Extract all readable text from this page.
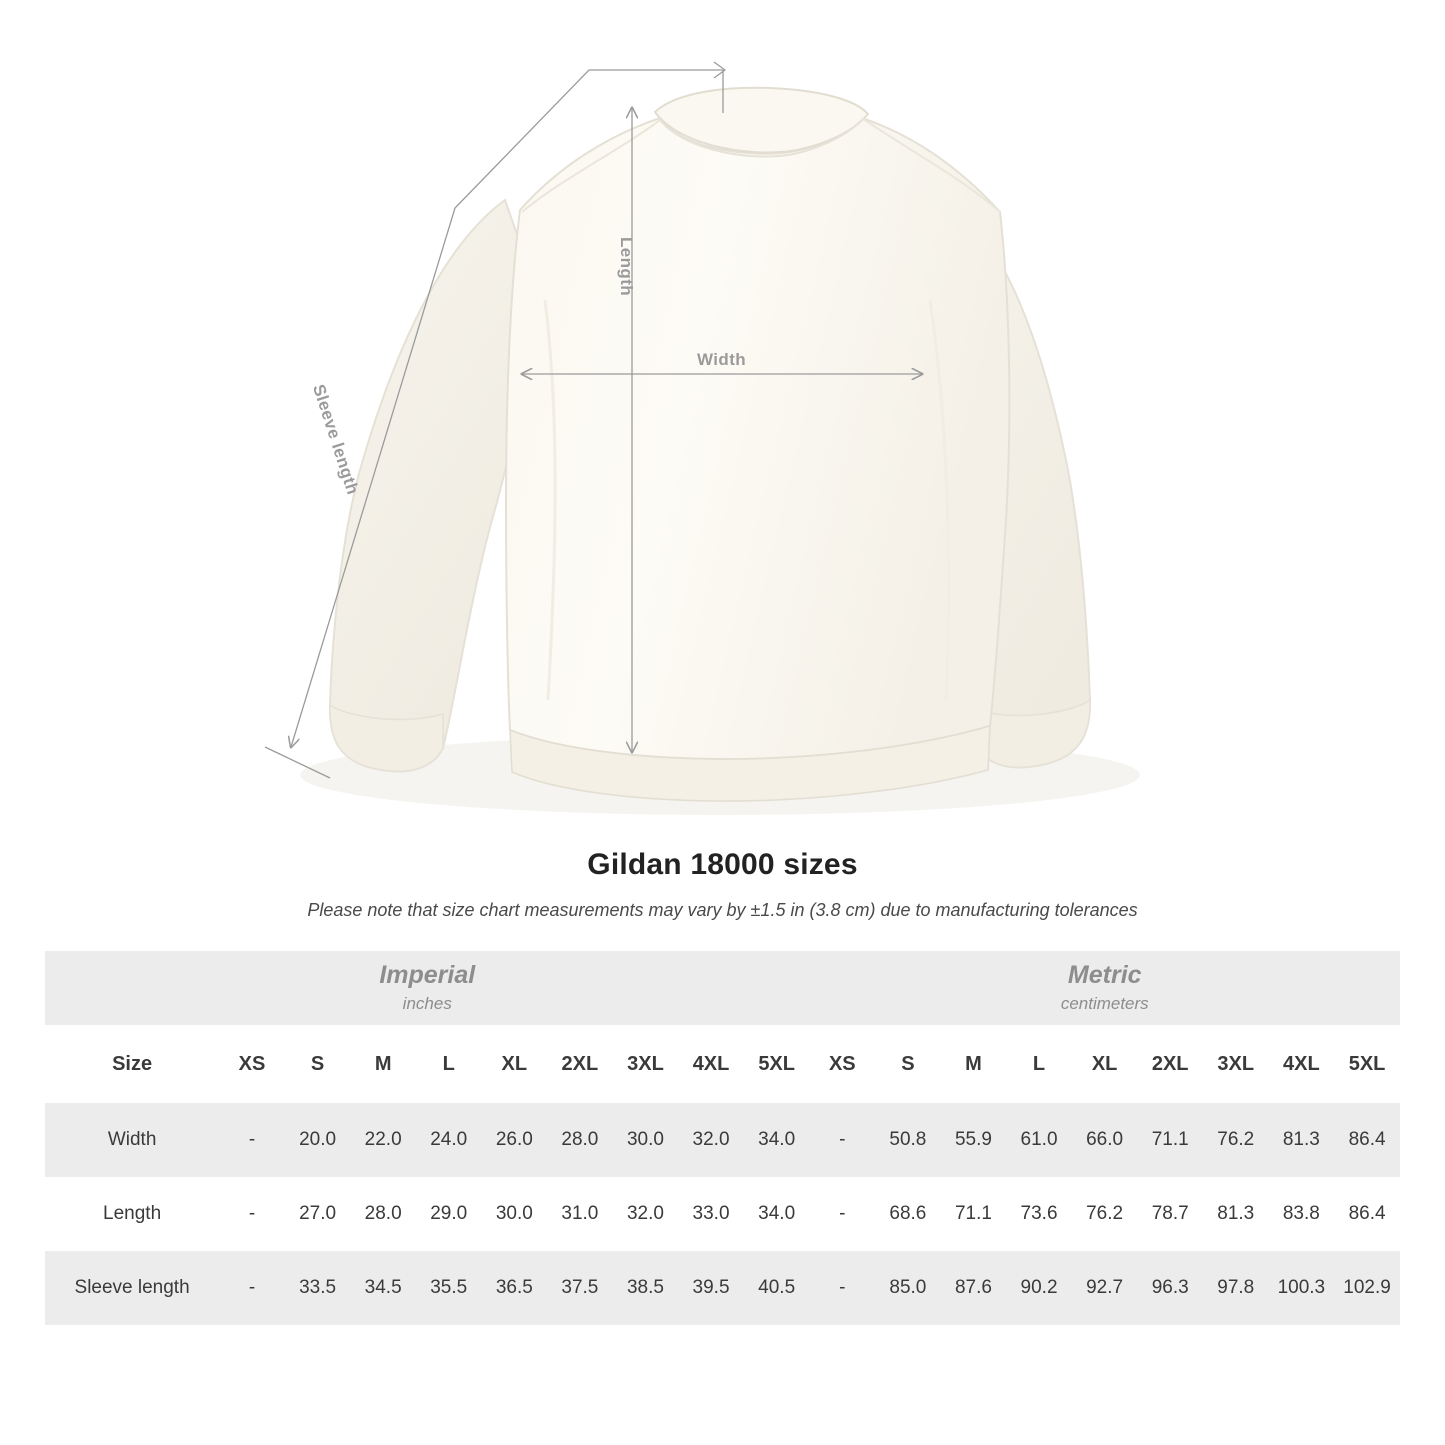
Length
Width
Sleeve length
Gildan 18000 sizes
Please note that size chart measurements may vary by ±1.5 in (3.8 cm) due to manufacturing tolerances
Imperial
inches

Metric
centimeters

Size	XS	S	M	L	XL	2XL	3XL	4XL	5XL	XS	S	M	L	XL	2XL	3XL	4XL	5XL
Width	-	20.0	22.0	24.0	26.0	28.0	30.0	32.0	34.0	-	50.8	55.9	61.0	66.0	71.1	76.2	81.3	86.4
Length	-	27.0	28.0	29.0	30.0	31.0	32.0	33.0	34.0	-	68.6	71.1	73.6	76.2	78.7	81.3	83.8	86.4
Sleeve length	-	33.5	34.5	35.5	36.5	37.5	38.5	39.5	40.5	-	85.0	87.6	90.2	92.7	96.3	97.8	100.3	102.9
